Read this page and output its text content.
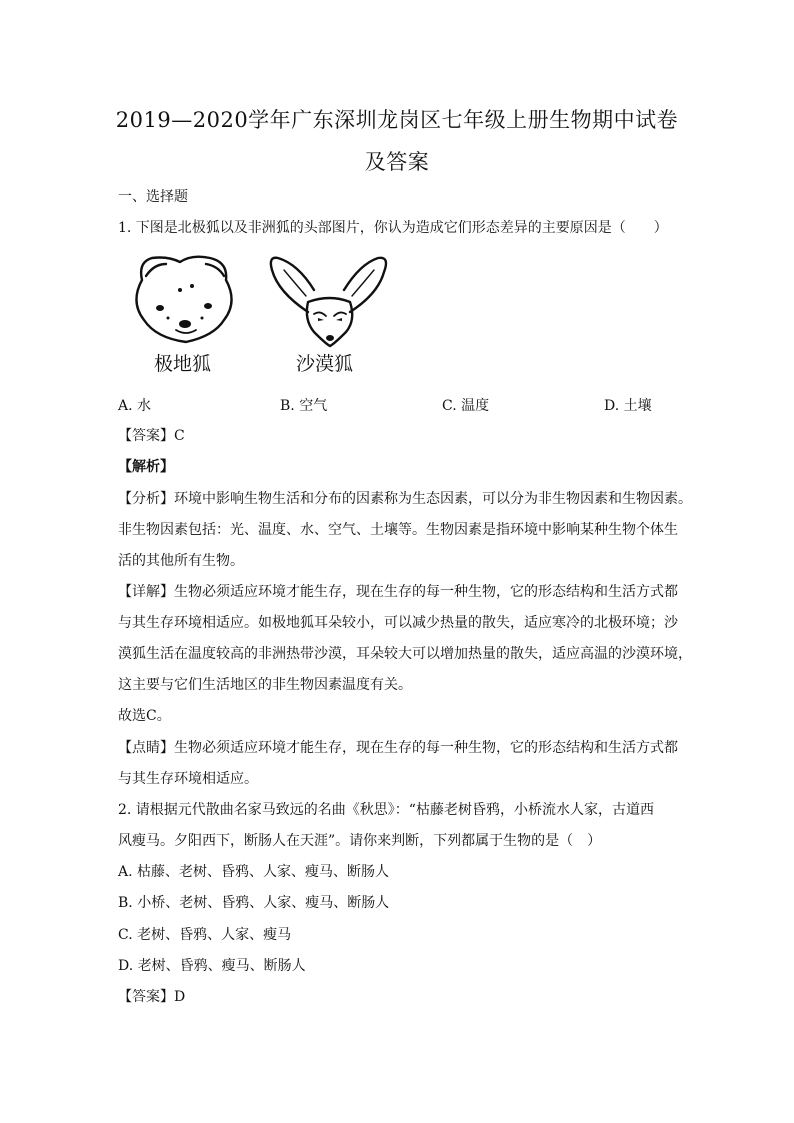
2019—2020学年广东深圳龙岗区七年级上册生物期中试卷
及答案
一、选择题
1. 下图是北极狐以及非洲狐的头部图片，你认为造成它们形态差异的主要原因是（　　）
极地狐	沙漠狐
A. 水	B. 空气	C. 温度	D. 土壤
【答案】C
【解析】
【分析】环境中影响生物生活和分布的因素称为生态因素，可以分为非生物因素和生物因素。
非生物因素包括：光、温度、水、空气、土壤等。生物因素是指环境中影响某种生物个体生
活的其他所有生物。
【详解】生物必须适应环境才能生存，现在生存的每一种生物，它的形态结构和生活方式都
与其生存环境相适应。如极地狐耳朵较小，可以减少热量的散失，适应寒冷的北极环境；沙
漠狐生活在温度较高的非洲热带沙漠，耳朵较大可以增加热量的散失，适应高温的沙漠环境，
这主要与它们生活地区的非生物因素温度有关。
故选C。
【点睛】生物必须适应环境才能生存，现在生存的每一种生物，它的形态结构和生活方式都
与其生存环境相适应。
2. 请根据元代散曲名家马致远的名曲《秋思》：“枯藤老树昏鸦，小桥流水人家，古道西
风瘦马。夕阳西下，断肠人在天涯”。请你来判断，下列都属于生物的是（　）
A. 枯藤、老树、昏鸦、人家、瘦马、断肠人
B. 小桥、老树、昏鸦、人家、瘦马、断肠人
C. 老树、昏鸦、人家、瘦马
D. 老树、昏鸦、瘦马、断肠人
【答案】D
